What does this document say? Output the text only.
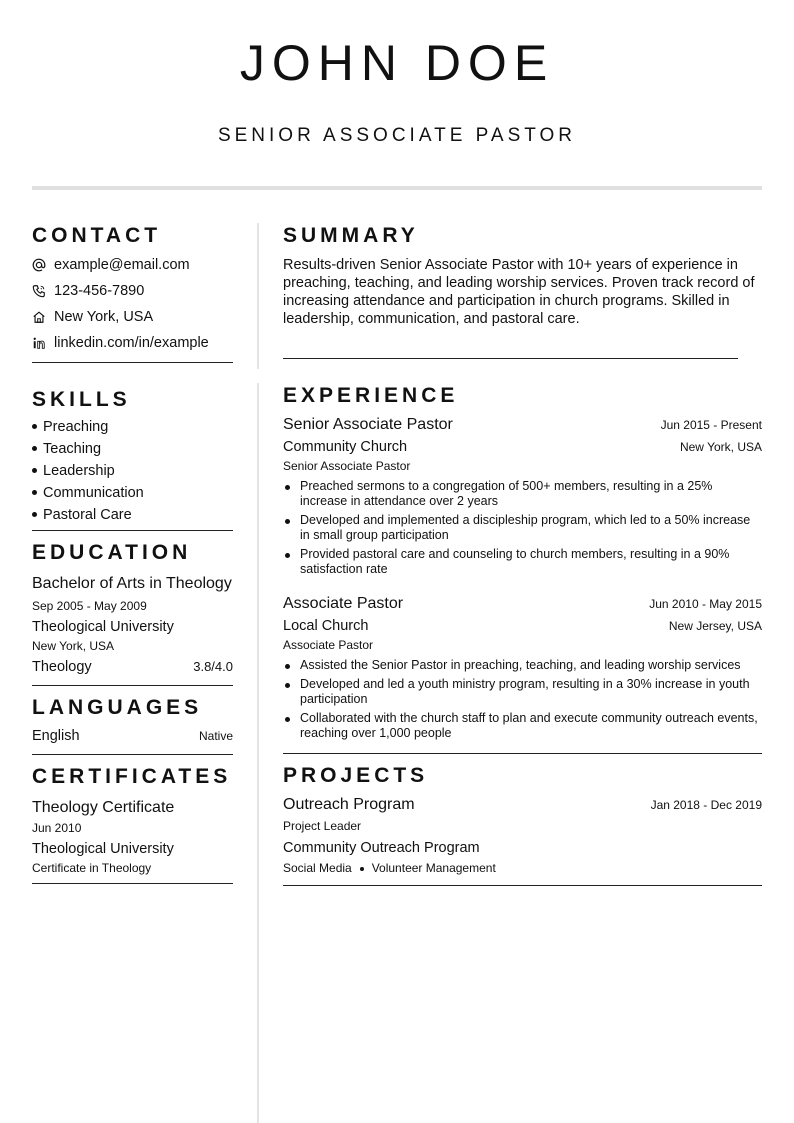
JOHN DOE
SENIOR ASSOCIATE PASTOR
CONTACT
example@email.com
123-456-7890
New York, USA
linkedin.com/in/example
SKILLS
Preaching
Teaching
Leadership
Communication
Pastoral Care
EDUCATION
Bachelor of Arts in Theology
Sep 2005 - May 2009
Theological University
New York, USA
Theology	3.8/4.0
LANGUAGES
English	Native
CERTIFICATES
Theology Certificate
Jun 2010
Theological University
Certificate in Theology
SUMMARY
Results-driven Senior Associate Pastor with 10+ years of experience in preaching, teaching, and leading worship services. Proven track record of increasing attendance and participation in church programs. Skilled in leadership, communication, and pastoral care.
EXPERIENCE
Senior Associate Pastor	Jun 2015 - Present
Community Church	New York, USA
Senior Associate Pastor
Preached sermons to a congregation of 500+ members, resulting in a 25% increase in attendance over 2 years
Developed and implemented a discipleship program, which led to a 50% increase in small group participation
Provided pastoral care and counseling to church members, resulting in a 90% satisfaction rate
Associate Pastor	Jun 2010 - May 2015
Local Church	New Jersey, USA
Associate Pastor
Assisted the Senior Pastor in preaching, teaching, and leading worship services
Developed and led a youth ministry program, resulting in a 30% increase in youth participation
Collaborated with the church staff to plan and execute community outreach events, reaching over 1,000 people
PROJECTS
Outreach Program	Jan 2018 - Dec 2019
Project Leader
Community Outreach Program
Social Media Volunteer Management
